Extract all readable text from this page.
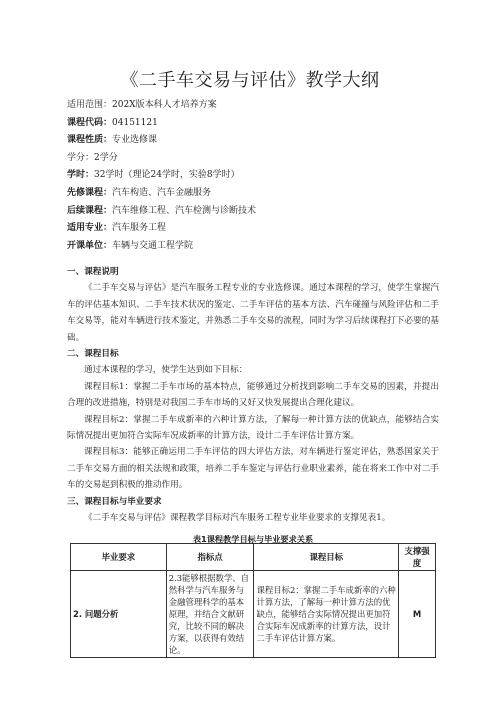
《二手车交易与评估》教学大纲
适用范围：202X版本科人才培养方案
课程代码：04151121
课程性质：专业选修课
学分：2学分
学时：32学时（理论24学时，实验8学时）
先修课程：汽车构造、汽车金融服务
后续课程：汽车维修工程、汽车检测与诊断技术
适用专业：汽车服务工程
开课单位：车辆与交通工程学院

一、课程说明

《二手车交易与评估》是汽车服务工程专业的专业选修课。通过本课程的学习，使学生掌握汽车的评估基本知识、二手车技术状况的鉴定、二手车评估的基本方法、汽车碰撞与风险评估和二手车交易等，能对车辆进行技术鉴定，并熟悉二手车交易的流程，同时为学习后续课程打下必要的基础。

二、课程目标

通过本课程的学习，使学生达到如下目标：

课程目标1：掌握二手车市场的基本特点，能够通过分析找到影响二手车交易的因素，并提出合理的改进措施，特别是对我国二手车市场的又好又快发展提出合理化建议。

课程目标2：掌握二手车成新率的六种计算方法，了解每一种计算方法的优缺点，能够结合实际情况提出更加符合实际车况成新率的计算方法，设计二手车评估计算方案。

课程目标3：能够正确运用二手车评估的四大评估方法，对车辆进行鉴定评估，熟悉国家关于二手车交易方面的相关法规和政策，培养二手车鉴定与评估行业职业素养，能在将来工作中对二手车的交易起到积极的推动作用。

三、课程目标与毕业要求

《二手车交易与评估》课程教学目标对汽车服务工程专业毕业要求的支撑见表1。

表1课程教学目标与毕业要求关系

毕业要求	指标点	课程目标	支撑强度
2. 问题分析	2.3能够根据数学、自然科学与汽车服务与金融管理科学的基本原理，并结合文献研究，比较不同的解决方案，以获得有效结论。	课程目标2：掌握二手车成新率的六种计算方法，了解每一种计算方法的优缺点，能够结合实际情况提出更加符合实际车况成新率的计算方法，设计二手车评估计算方案。	M
